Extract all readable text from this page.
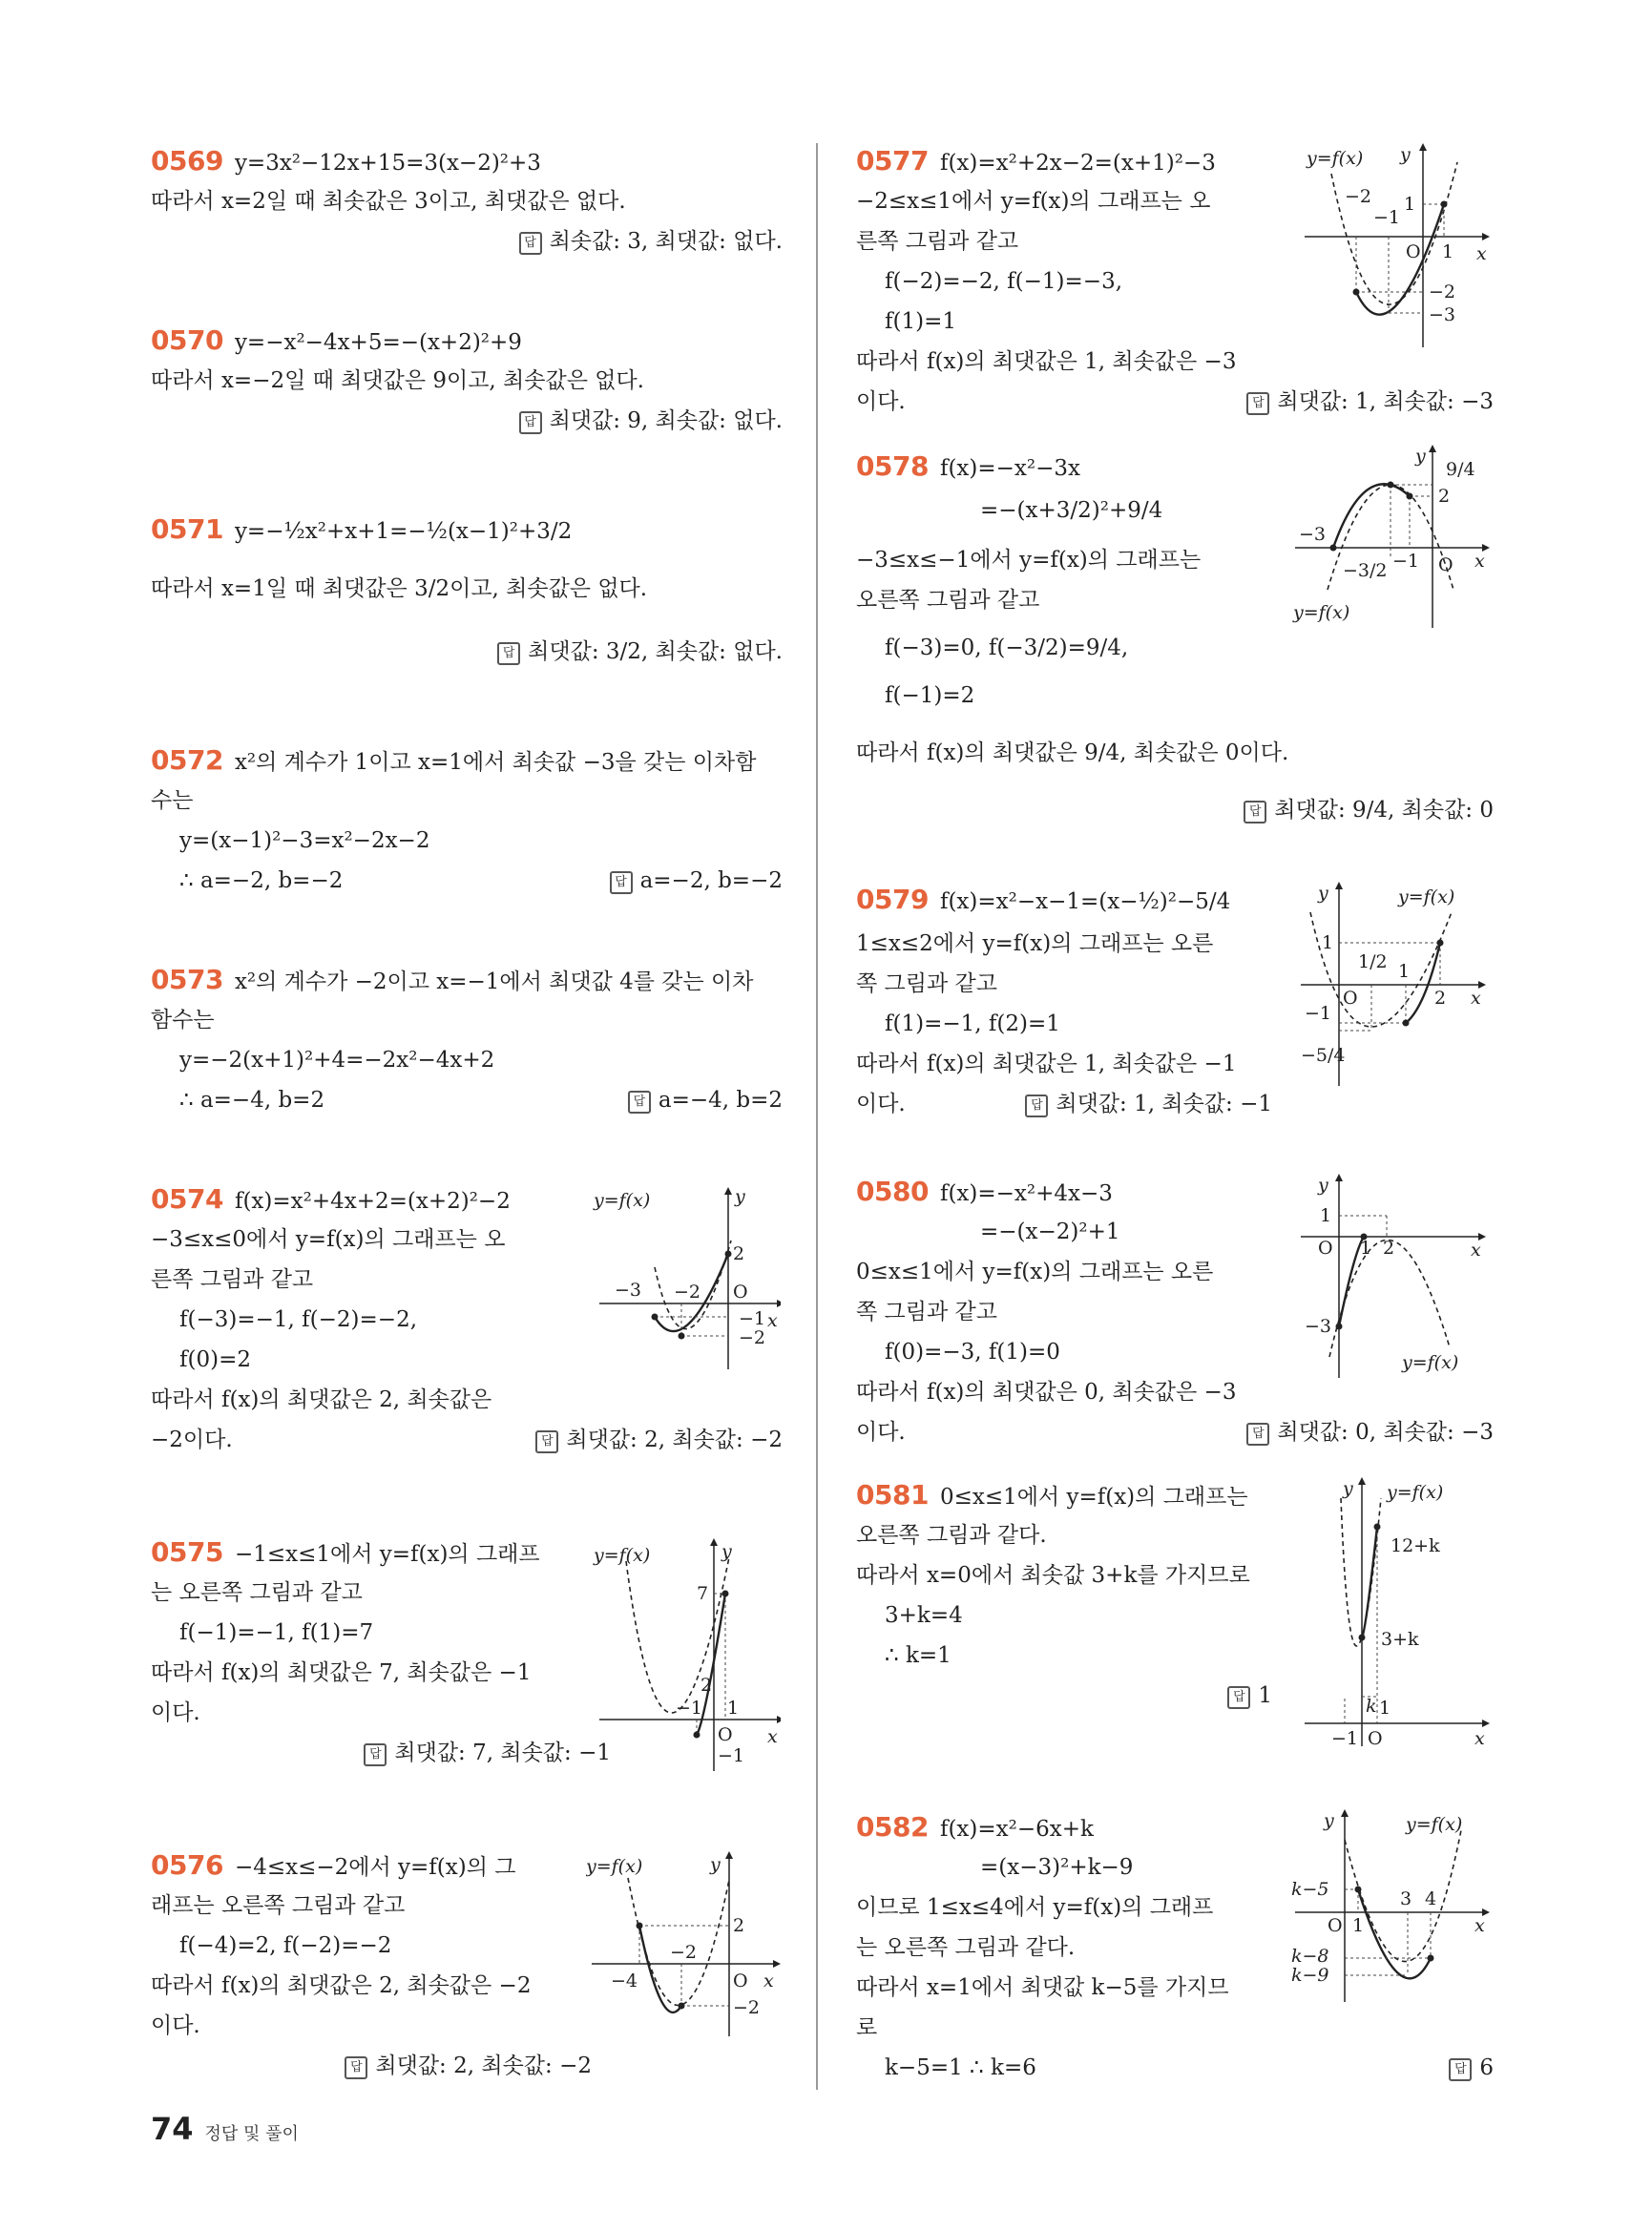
0569 y=3x²−12x+15=3(x−2)²+3
따라서 x=2일 때 최솟값은 3이고, 최댓값은 없다.
답 최솟값: 3, 최댓값: 없다.
0570 y=−x²−4x+5=−(x+2)²+9
따라서 x=−2일 때 최댓값은 9이고, 최솟값은 없다.
답 최댓값: 9, 최솟값: 없다.
0571 y=−½x²+x+1=−½(x−1)²+3/2
따라서 x=1일 때 최댓값은 3/2이고, 최솟값은 없다.
답 최댓값: 3/2, 최솟값: 없다.
0572 x²의 계수가 1이고 x=1에서 최솟값 −3을 갖는 이차함
수는
y=(x−1)²−3=x²−2x−2
∴ a=−2, b=−2	답 a=−2, b=−2
0573 x²의 계수가 −2이고 x=−1에서 최댓값 4를 갖는 이차
함수는
y=−2(x+1)²+4=−2x²−4x+2
∴ a=−4, b=2	답 a=−4, b=2
0574 f(x)=x²+4x+2=(x+2)²−2
−3≤x≤0에서 y=f(x)의 그래프는 오
른쪽 그림과 같고
f(−3)=−1, f(−2)=−2,
f(0)=2
따라서 f(x)의 최댓값은 2, 최솟값은
−2이다.	답 최댓값: 2, 최솟값: −2
y=f(x)	y
x
O
−3 −2
2
−1
−2
0575 −1≤x≤1에서 y=f(x)의 그래프
는 오른쪽 그림과 같고
f(−1)=−1, f(1)=7
따라서 f(x)의 최댓값은 7, 최솟값은 −1
이다.
답 최댓값: 7, 최솟값: −1
y=f(x)	y
x
O
7
2
−1 1
−1
0576 −4≤x≤−2에서 y=f(x)의 그
래프는 오른쪽 그림과 같고
f(−4)=2, f(−2)=−2
따라서 f(x)의 최댓값은 2, 최솟값은 −2
이다.
답 최댓값: 2, 최솟값: −2
y=f(x)	y
x
O
2
−2
−4
−2
0577 f(x)=x²+2x−2=(x+1)²−3
−2≤x≤1에서 y=f(x)의 그래프는 오
른쪽 그림과 같고
f(−2)=−2, f(−1)=−3,
f(1)=1
따라서 f(x)의 최댓값은 1, 최솟값은 −3
이다.	답 최댓값: 1, 최솟값: −3
y=f(x) y
x
O
−2
−1
1
1
−2
−3
0578 f(x)=−x²−3x
=−(x+3/2)²+9/4
−3≤x≤−1에서 y=f(x)의 그래프는
오른쪽 그림과 같고
f(−3)=0, f(−3/2)=9/4,
f(−1)=2
따라서 f(x)의 최댓값은 9/4, 최솟값은 0이다.
답 최댓값: 9/4, 최솟값: 0
y=f(x)
y
x
O
9/4
2
−3
−3/2 −1
0579 f(x)=x²−x−1=(x−½)²−5/4
1≤x≤2에서 y=f(x)의 그래프는 오른
쪽 그림과 같고
f(1)=−1, f(2)=1
따라서 f(x)의 최댓값은 1, 최솟값은 −1
이다.	답 최댓값: 1, 최솟값: −1
y=f(x)
y
x
O
1
1/2 1
2
−1
−5/4
0580 f(x)=−x²+4x−3
=−(x−2)²+1
0≤x≤1에서 y=f(x)의 그래프는 오른
쪽 그림과 같고
f(0)=−3, f(1)=0
따라서 f(x)의 최댓값은 0, 최솟값은 −3
이다.	답 최댓값: 0, 최솟값: −3
y=f(x)
y
x
O
1
1 2
−3
0581 0≤x≤1에서 y=f(x)의 그래프는
오른쪽 그림과 같다.
따라서 x=0에서 최솟값 3+k를 가지므로
3+k=4
∴ k=1
답 1
y=f(x)
y
x
O
12+k
3+k
k 1
−1
0582 f(x)=x²−6x+k
=(x−3)²+k−9
이므로 1≤x≤4에서 y=f(x)의 그래프
는 오른쪽 그림과 같다.
따라서 x=1에서 최댓값 k−5를 가지므
로
k−5=1 ∴ k=6	답 6
y=f(x)
y
x
O
k−5
1
3 4
k−8
k−9
74 정답 및 풀이
